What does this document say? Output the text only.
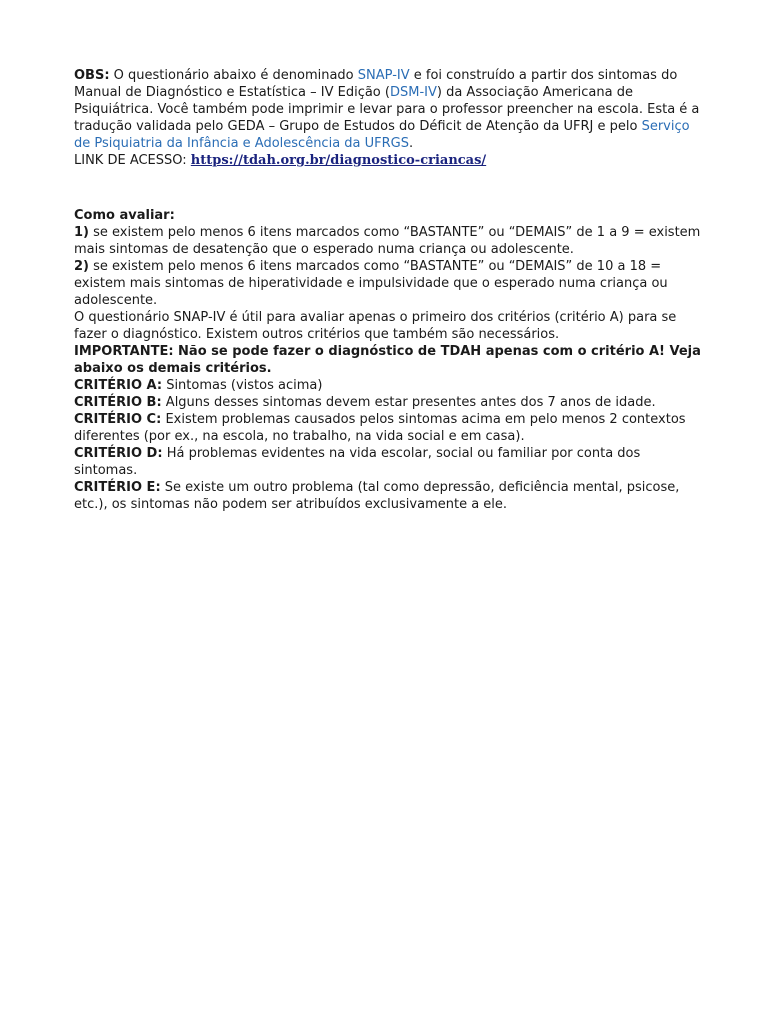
OBS: O questionário abaixo é denominado SNAP-IV e foi construído a partir dos sintomas do Manual de Diagnóstico e Estatística – IV Edição (DSM-IV) da Associação Americana de Psiquiátrica. Você também pode imprimir e levar para o professor preencher na escola. Esta é a tradução validada pelo GEDA – Grupo de Estudos do Déficit de Atenção da UFRJ e pelo Serviço de Psiquiatria da Infância e Adolescência da UFRGS.

LINK DE ACESSO: https://tdah.org.br/diagnostico-criancas/

Como avaliar:

1) se existem pelo menos 6 itens marcados como “BASTANTE” ou “DEMAIS” de 1 a 9 = existem mais sintomas de desatenção que o esperado numa criança ou adolescente.

2) se existem pelo menos 6 itens marcados como “BASTANTE” ou “DEMAIS” de 10 a 18 = existem mais sintomas de hiperatividade e impulsividade que o esperado numa criança ou adolescente.

O questionário SNAP-IV é útil para avaliar apenas o primeiro dos critérios (critério A) para se fazer o diagnóstico. Existem outros critérios que também são necessários.

IMPORTANTE: Não se pode fazer o diagnóstico de TDAH apenas com o critério A! Veja abaixo os demais critérios.

CRITÉRIO A: Sintomas (vistos acima)

CRITÉRIO B: Alguns desses sintomas devem estar presentes antes dos 7 anos de idade.

CRITÉRIO C: Existem problemas causados pelos sintomas acima em pelo menos 2 contextos diferentes (por ex., na escola, no trabalho, na vida social e em casa).

CRITÉRIO D: Há problemas evidentes na vida escolar, social ou familiar por conta dos sintomas.

CRITÉRIO E: Se existe um outro problema (tal como depressão, deficiência mental, psicose, etc.), os sintomas não podem ser atribuídos exclusivamente a ele.
